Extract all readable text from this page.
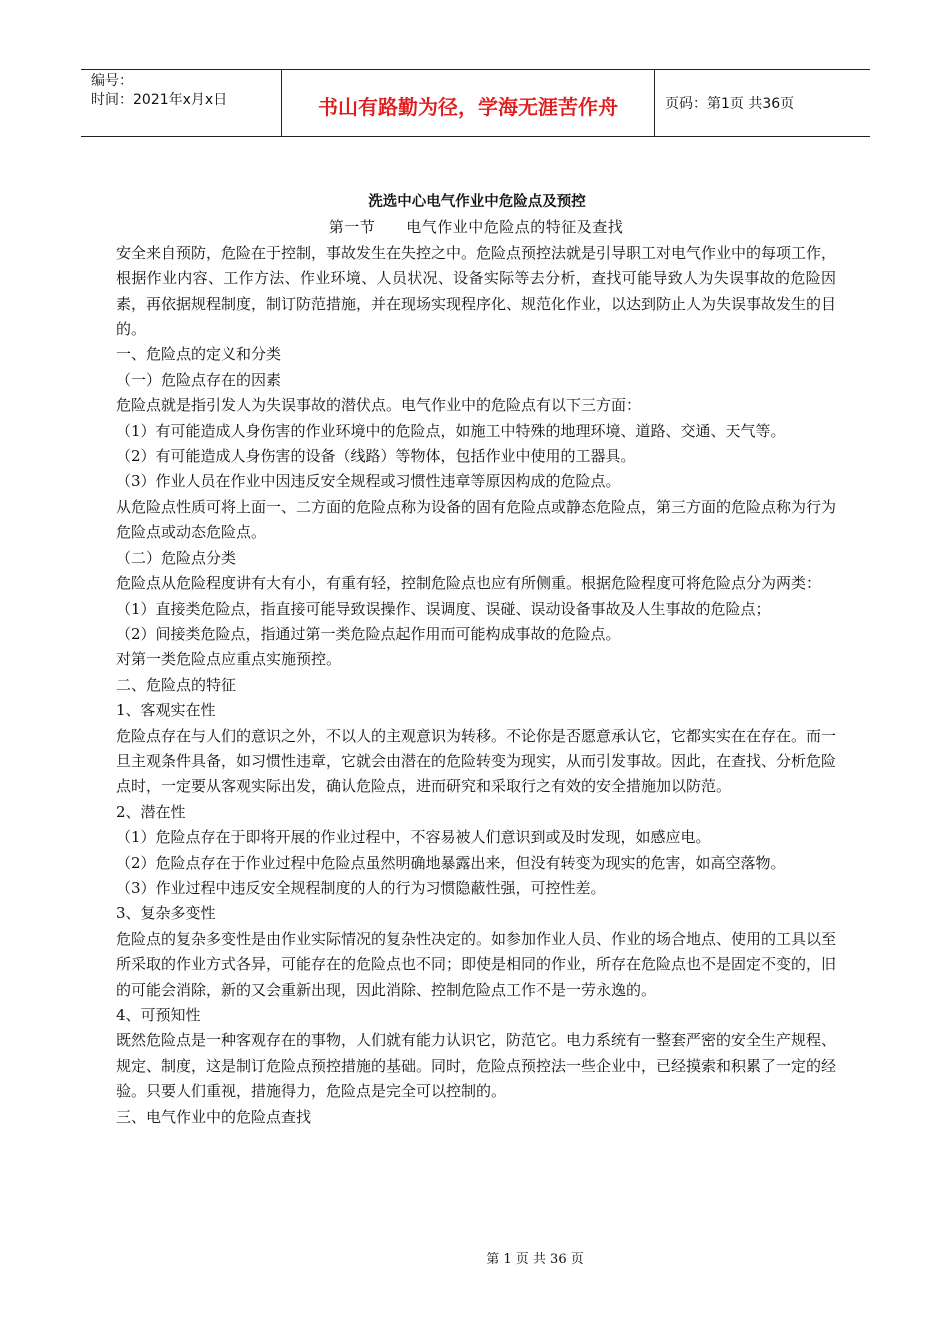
编号：
时间：2021年x月x日	书山有路勤为径，学海无涯苦作舟	页码：第1页 共36页

洗选中心电气作业中危险点及预控

第一节　　电气作业中危险点的特征及查找

安全来自预防，危险在于控制，事故发生在失控之中。危险点预控法就是引导职工对电气作业中的每项工作，根据作业内容、工作方法、作业环境、人员状况、设备实际等去分析，查找可能导致人为失误事故的危险因素，再依据规程制度，制订防范措施，并在现场实现程序化、规范化作业，以达到防止人为失误事故发生的目的。

一、危险点的定义和分类

（一）危险点存在的因素

危险点就是指引发人为失误事故的潜伏点。电气作业中的危险点有以下三方面：

（1）有可能造成人身伤害的作业环境中的危险点，如施工中特殊的地理环境、道路、交通、天气等。

（2）有可能造成人身伤害的设备（线路）等物体，包括作业中使用的工器具。

（3）作业人员在作业中因违反安全规程或习惯性违章等原因构成的危险点。

从危险点性质可将上面一、二方面的危险点称为设备的固有危险点或静态危险点，第三方面的危险点称为行为危险点或动态危险点。

（二）危险点分类

危险点从危险程度讲有大有小，有重有轻，控制危险点也应有所侧重。根据危险程度可将危险点分为两类：

（1）直接类危险点，指直接可能导致误操作、误调度、误碰、误动设备事故及人生事故的危险点；

（2）间接类危险点，指通过第一类危险点起作用而可能构成事故的危险点。

对第一类危险点应重点实施预控。

二、危险点的特征

1、客观实在性

危险点存在与人们的意识之外，不以人的主观意识为转移。不论你是否愿意承认它，它都实实在在存在。而一旦主观条件具备，如习惯性违章，它就会由潜在的危险转变为现实，从而引发事故。因此，在查找、分析危险点时，一定要从客观实际出发，确认危险点，进而研究和采取行之有效的安全措施加以防范。

2、潜在性

（1）危险点存在于即将开展的作业过程中，不容易被人们意识到或及时发现，如感应电。

（2）危险点存在于作业过程中危险点虽然明确地暴露出来，但没有转变为现实的危害，如高空落物。

（3）作业过程中违反安全规程制度的人的行为习惯隐蔽性强，可控性差。

3、复杂多变性

危险点的复杂多变性是由作业实际情况的复杂性决定的。如参加作业人员、作业的场合地点、使用的工具以至所采取的作业方式各异，可能存在的危险点也不同；即使是相同的作业，所存在危险点也不是固定不变的，旧的可能会消除，新的又会重新出现，因此消除、控制危险点工作不是一劳永逸的。

4、可预知性

既然危险点是一种客观存在的事物，人们就有能力认识它，防范它。电力系统有一整套严密的安全生产规程、规定、制度，这是制订危险点预控措施的基础。同时，危险点预控法一些企业中，已经摸索和积累了一定的经验。只要人们重视，措施得力，危险点是完全可以控制的。

三、电气作业中的危险点查找

第 1 页 共 36 页
